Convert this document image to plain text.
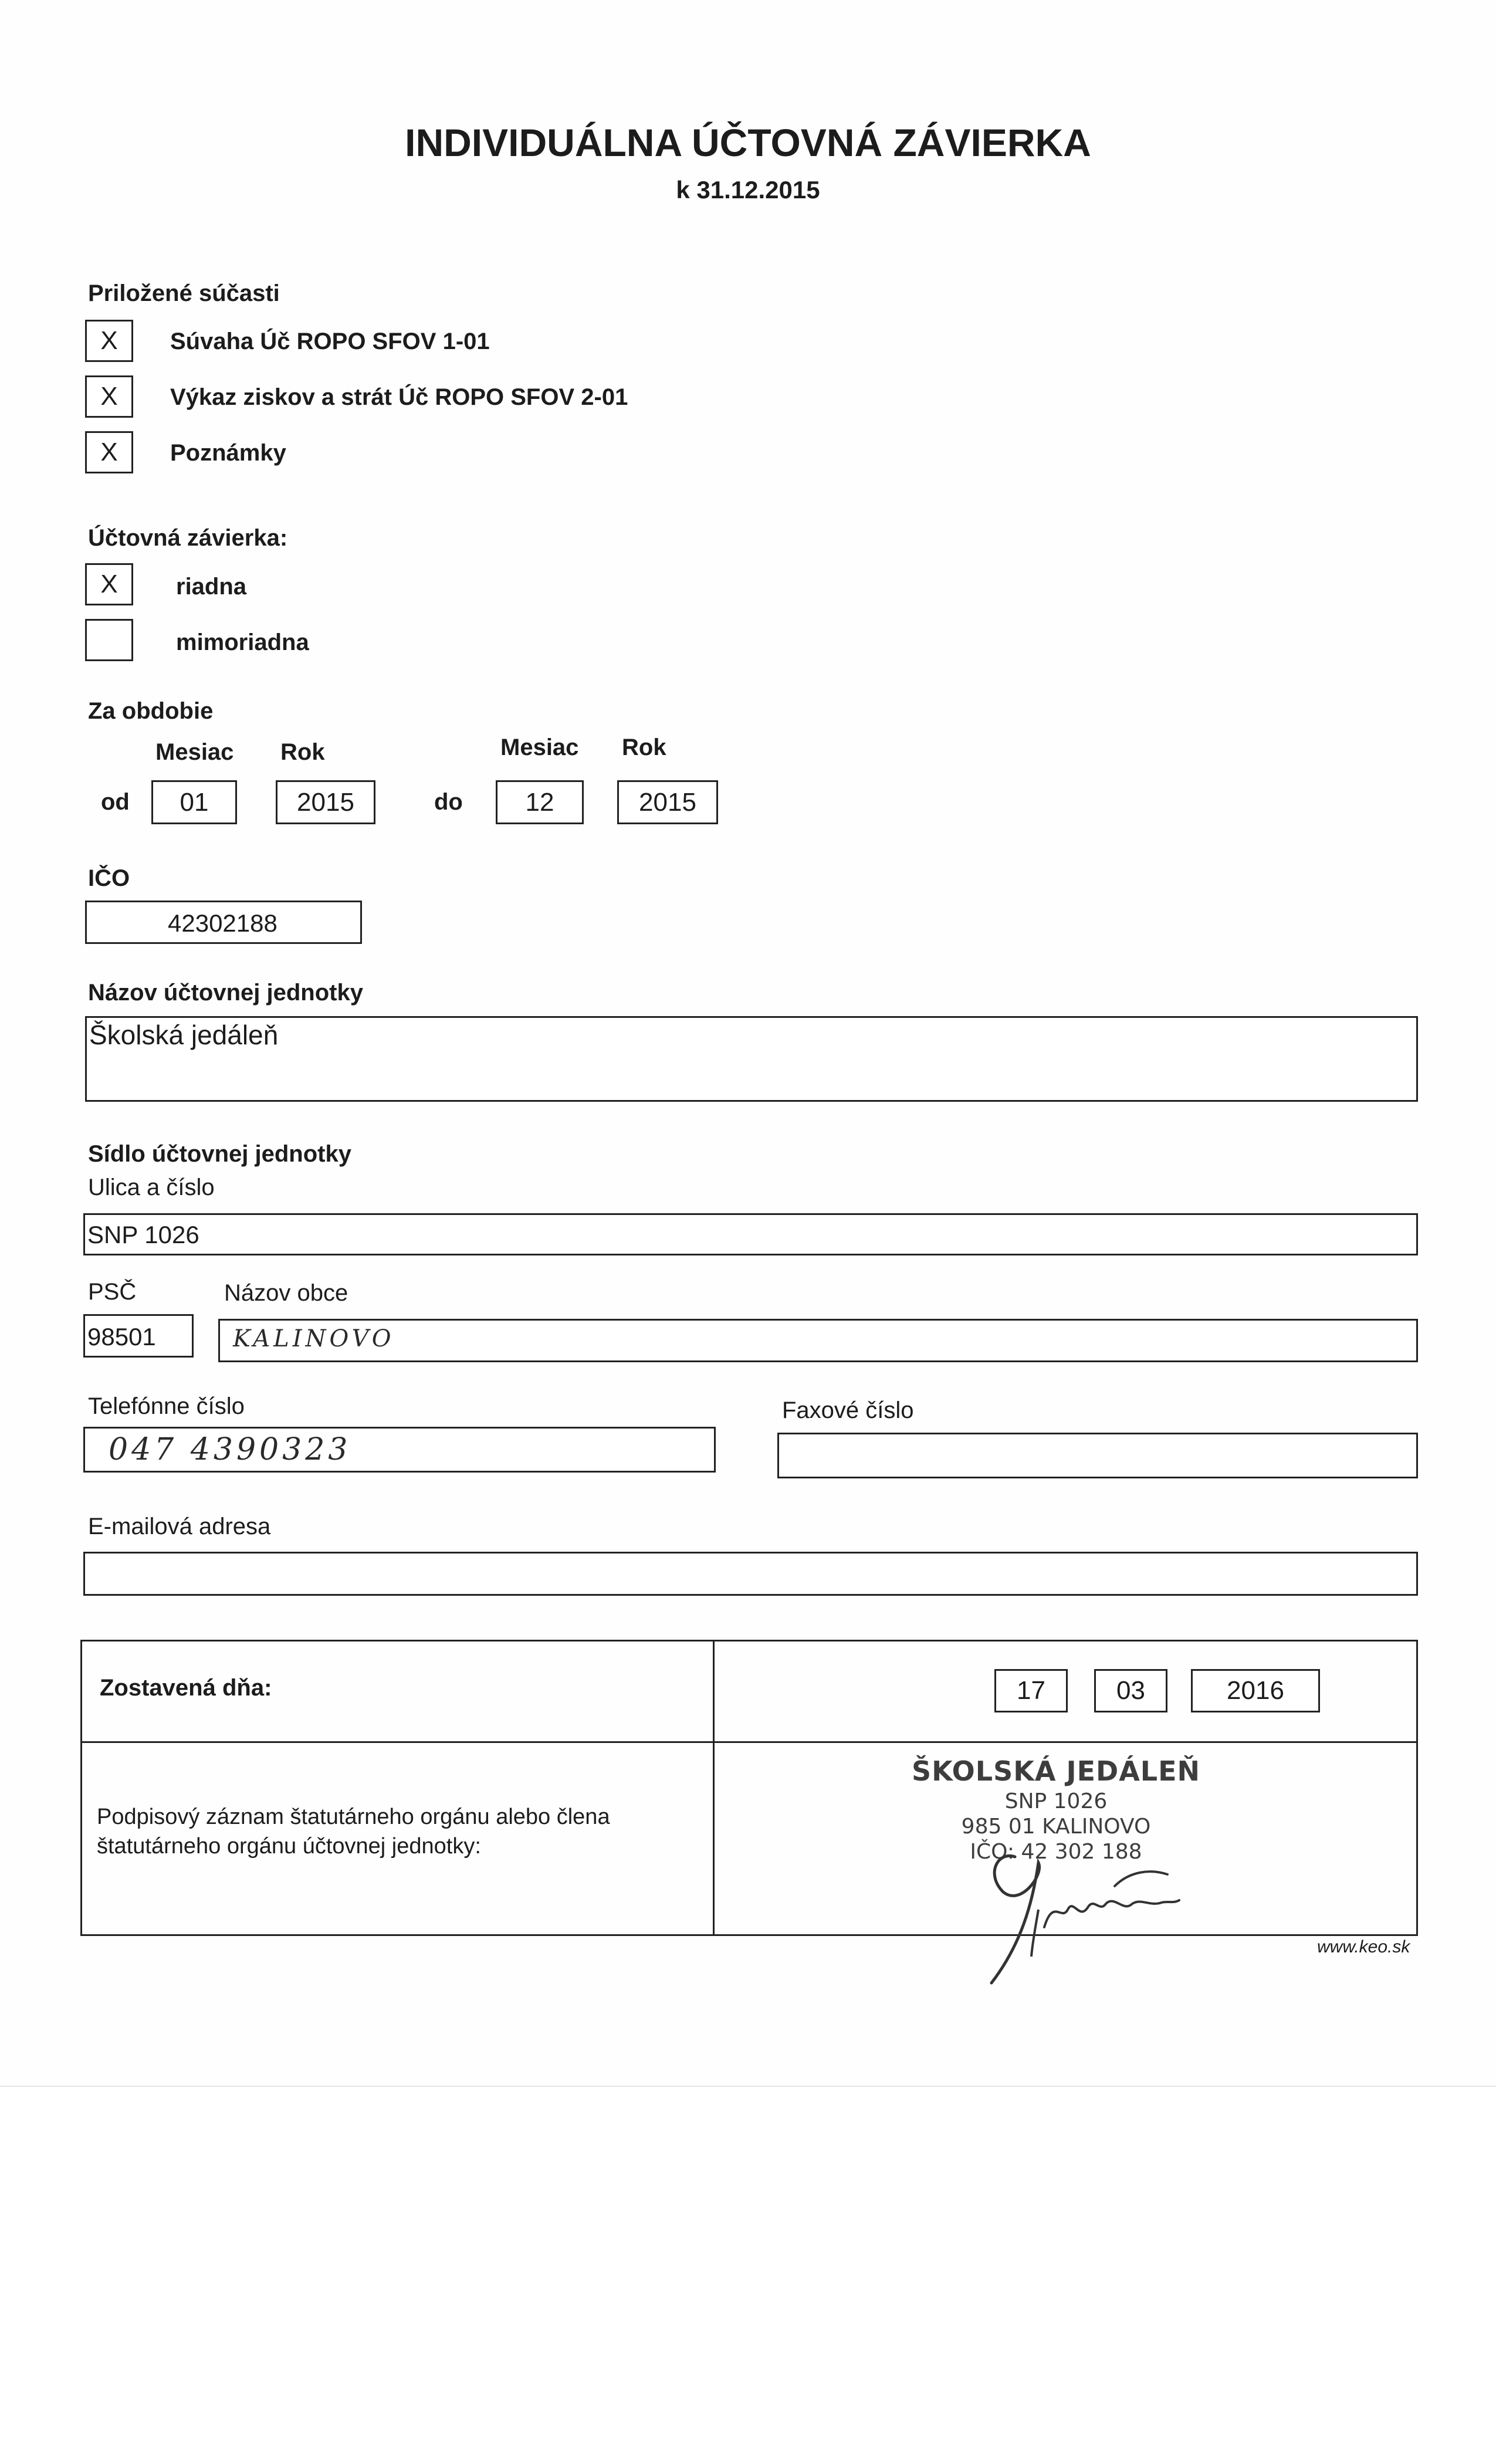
INDIVIDUÁLNA ÚČTOVNÁ ZÁVIERKA
k 31.12.2015
Priložené súčasti
X	Súvaha Úč ROPO SFOV 1-01
X	Výkaz ziskov a strát Úč ROPO SFOV 2-01
X	Poznámky
Účtovná závierka:
X	riadna
mimoriadna
Za obdobie
Mesiac Rok	Mesiac Rok
od	01	2015	do	12	2015
IČO
42302188
Názov účtovnej jednotky
Školská jedáleň
Sídlo účtovnej jednotky
Ulica a číslo
SNP 1026
PSČ	Názov obce
98501	KALINOVO
Telefónne číslo	Faxové číslo
047 4390323
E-mailová adresa
Zostavená dňa:	17	03	2016
Podpisový záznam štatutárneho orgánu alebo člena
štatutárneho orgánu účtovnej jednotky:
ŠKOLSKÁ JEDÁLEŇ
SNP 1026
985 01 KALINOVO
IČO: 42 302 188
www.keo.sk
